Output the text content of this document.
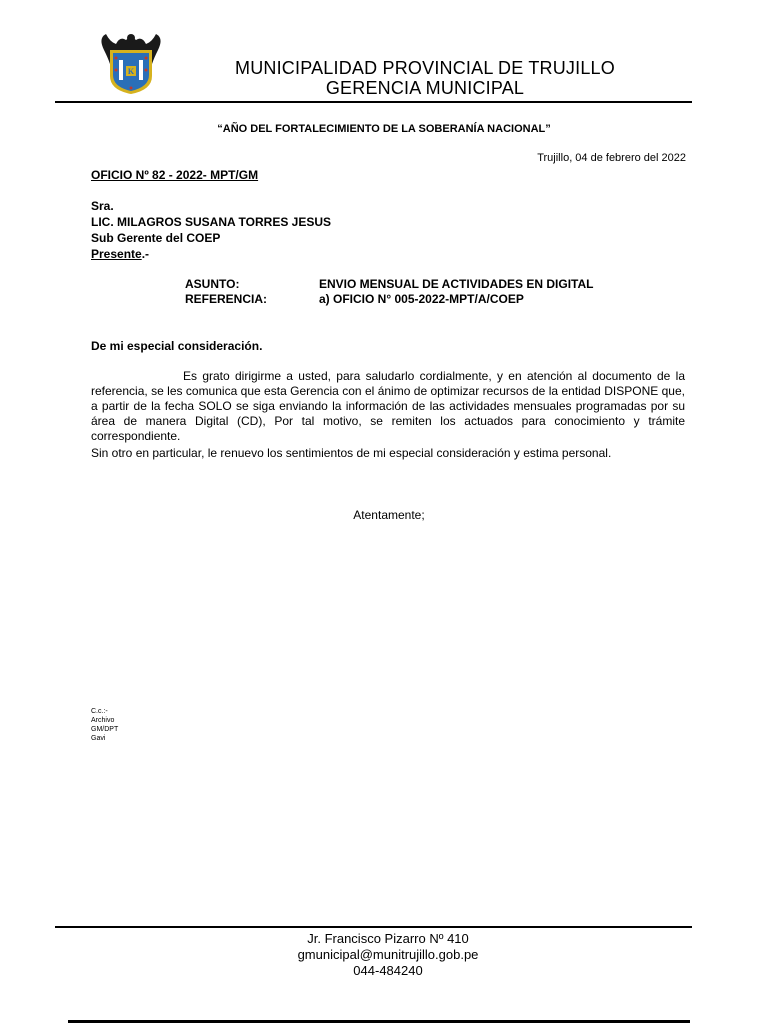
K	MUNICIPALIDAD PROVINCIAL DE TRUJILLO
GERENCIA MUNICIPAL
“AÑO DEL FORTALECIMIENTO DE LA SOBERANÍA NACIONAL”
Trujillo, 04 de febrero del 2022
OFICIO Nº 82 - 2022- MPT/GM
Sra.
LIC. MILAGROS SUSANA TORRES JESUS
Sub Gerente del COEP
Presente.-
ASUNTO:	ENVIO MENSUAL DE ACTIVIDADES EN DIGITAL
REFERENCIA:	a) OFICIO N° 005-2022-MPT/A/COEP
De mi especial consideración.

Es grato dirigirme a usted, para saludarlo cordialmente, y en atención al documento de la referencia, se les comunica que esta Gerencia con el ánimo de optimizar recursos de la entidad DISPONE que, a partir de la fecha SOLO se siga enviando la información de las actividades mensuales programadas por su área de manera Digital (CD), Por tal motivo, se remiten los actuados para conocimiento y trámite correspondiente.

Sin otro en particular, le renuevo los sentimientos de mi especial consideración y estima personal.
Atentamente;
C.c.:-
Archivo
GM/DPT
Gavi
Jr. Francisco Pizarro Nº 410
gmunicipal@munitrujillo.gob.pe
044-484240
